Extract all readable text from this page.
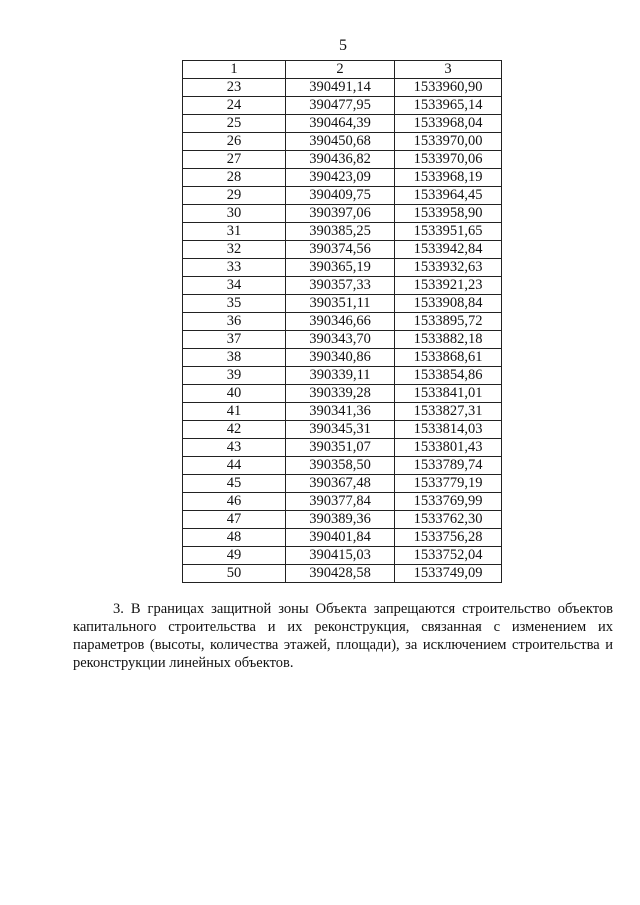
5
1	2	3
23	390491,14	1533960,90
24	390477,95	1533965,14
25	390464,39	1533968,04
26	390450,68	1533970,00
27	390436,82	1533970,06
28	390423,09	1533968,19
29	390409,75	1533964,45
30	390397,06	1533958,90
31	390385,25	1533951,65
32	390374,56	1533942,84
33	390365,19	1533932,63
34	390357,33	1533921,23
35	390351,11	1533908,84
36	390346,66	1533895,72
37	390343,70	1533882,18
38	390340,86	1533868,61
39	390339,11	1533854,86
40	390339,28	1533841,01
41	390341,36	1533827,31
42	390345,31	1533814,03
43	390351,07	1533801,43
44	390358,50	1533789,74
45	390367,48	1533779,19
46	390377,84	1533769,99
47	390389,36	1533762,30
48	390401,84	1533756,28
49	390415,03	1533752,04
50	390428,58	1533749,09

3. В границах защитной зоны Объекта запрещаются строительство объектов капитального строительства и их реконструкция, связанная с изменением их параметров (высоты, количества этажей, площади), за исключением строительства и реконструкции линейных объектов.
